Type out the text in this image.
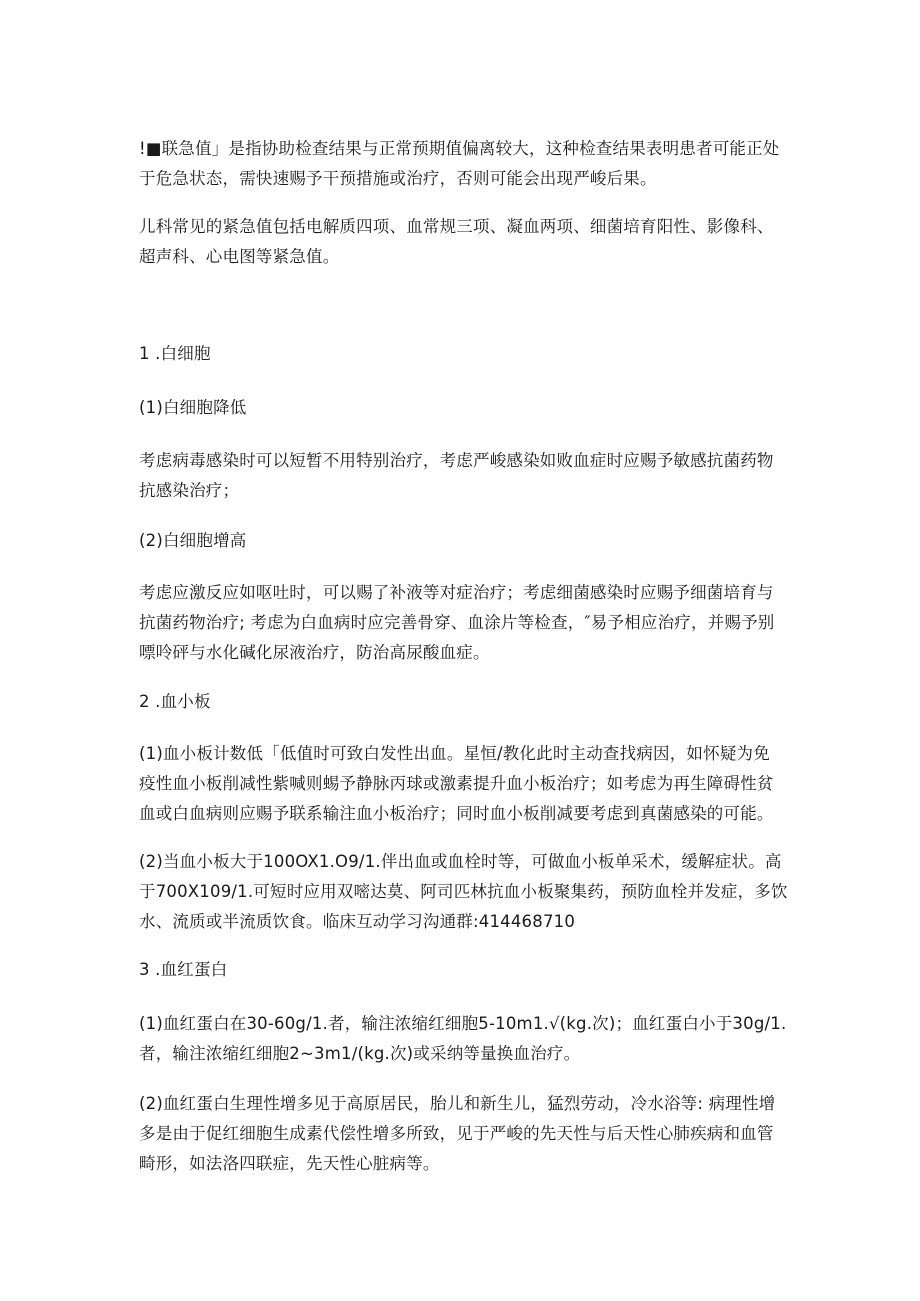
!■联急值」是指协助检查结果与正常预期值偏离较大，这种检查结果表明患者可能正处
于危急状态，需快速赐予干预措施或治疗，否则可能会出现严峻后果。
儿科常见的紧急值包括电解质四项、血常规三项、凝血两项、细菌培育阳性、影像科、
超声科、心电图等紧急值。
1 .白细胞
(1)白细胞降低
考虑病毒感染时可以短暂不用特别治疗，考虑严峻感染如败血症时应赐予敏感抗菌药物
抗感染治疗；
(2)白细胞增高
考虑应激反应如呕吐时，可以赐了补液等对症治疗；考虑细菌感染时应赐予细菌培育与
抗菌药物治疗; 考虑为白血病时应完善骨穿、血涂片等检查，″易予相应治疗，并赐予别
嘌呤砰与水化碱化尿液治疗，防治高尿酸血症。
2 .血小板
(1)血小板计数低「低值时可致白发性出血。星恒/教化此时主动查找病因，如怀疑为免
疫性血小板削减性紫喊则蜴予静脉丙球或激素提升血小板治疗；如考虑为再生障碍性贫
血或白血病则应赐予联系输注血小板治疗；同时血小板削减要考虑到真菌感染的可能。
(2)当血小板大于100OX1.O9/1.伴出血或血栓时等，可做血小板单采术，缓解症状。高
于700X109/1.可短时应用双嘧达莫、阿司匹林抗血小板聚集药，预防血栓并发症，多饮
水、流质或半流质饮食。临床互动学习沟通群:414468710
3 .血红蛋白
(1)血红蛋白在30-60g/1.者，输注浓缩红细胞5-10m1.√(kg.次)；血红蛋白小于30g/1.
者，输注浓缩红细胞2~3m1∕(kg.次)或采纳等量换血治疗。
(2)血红蛋白生理性增多见于高原居民，胎儿和新生儿，猛烈劳动，冷水浴等: 病理性增
多是由于促红细胞生成素代偿性增多所致，见于严峻的先天性与后天性心肺疾病和血管
畸形，如法洛四联症，先天性心脏病等。
